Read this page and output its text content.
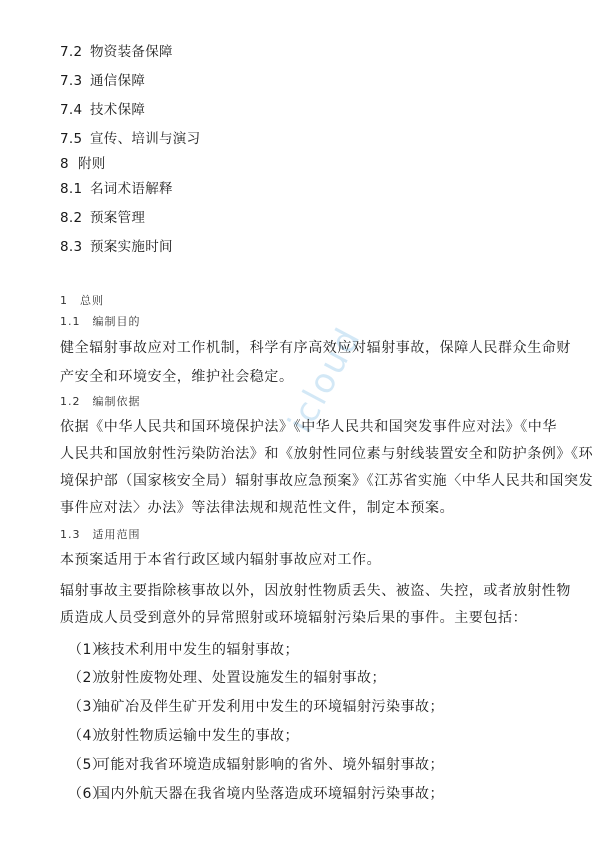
icloud
7.2 物资装备保障
7.3 通信保障
7.4 技术保障
7.5 宣传、培训与演习
8 附则
8.1 名词术语解释
8.2 预案管理
8.3 预案实施时间
1　总则
1.1　编制目的
健全辐射事故应对工作机制，科学有序高效应对辐射事故，保障人民群众生命财
产安全和环境安全，维护社会稳定。
1.2　编制依据
依据《中华人民共和国环境保护法》《中华人民共和国突发事件应对法》《中华
人民共和国放射性污染防治法》和《放射性同位素与射线装置安全和防护条例》《环
境保护部（国家核安全局）辐射事故应急预案》《江苏省实施〈中华人民共和国突发
事件应对法〉办法》等法律法规和规范性文件，制定本预案。
1.3　适用范围
本预案适用于本省行政区域内辐射事故应对工作。
辐射事故主要指除核事故以外，因放射性物质丢失、被盗、失控，或者放射性物
质造成人员受到意外的异常照射或环境辐射污染后果的事件。主要包括：
（1）核技术利用中发生的辐射事故；
（2）放射性废物处理、处置设施发生的辐射事故；
（3）铀矿冶及伴生矿开发利用中发生的环境辐射污染事故；
（4）放射性物质运输中发生的事故；
（5）可能对我省环境造成辐射影响的省外、境外辐射事故；
（6）国内外航天器在我省境内坠落造成环境辐射污染事故；
